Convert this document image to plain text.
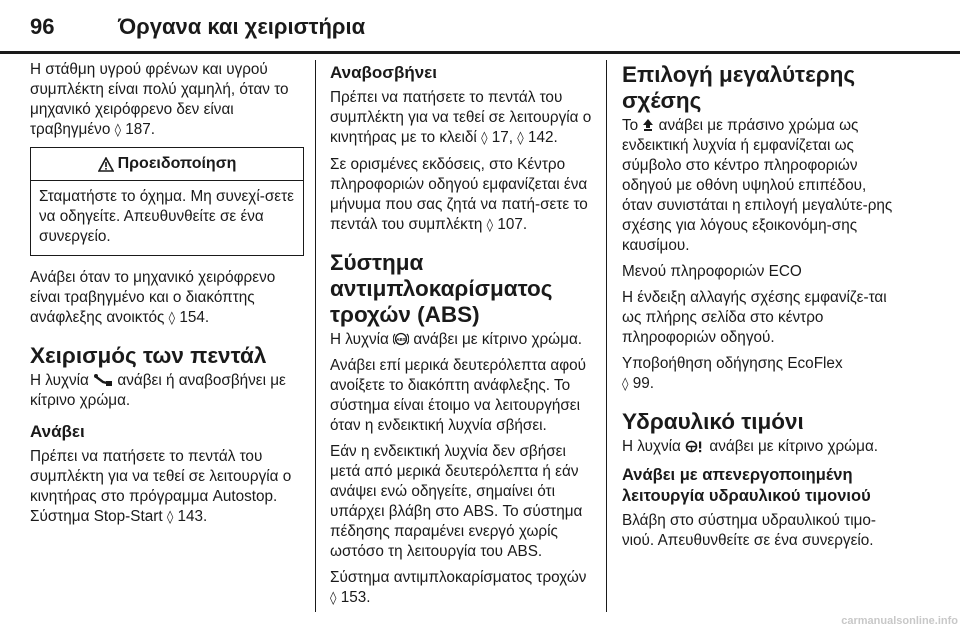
96	Όργανα και χειριστήρια

Η στάθμη υγρού φρένων και υγρού συμπλέκτη είναι πολύ χαμηλή, όταν το μηχανικό χειρόφρενο δεν είναι τραβηγμένο ◊ 187.

Προειδοποίηση
Σταματήστε το όχημα. Μη συνεχί-σετε να οδηγείτε. Απευθυνθείτε σε ένα συνεργείο.

Ανάβει όταν το μηχανικό χειρόφρενο είναι τραβηγμένο και ο διακόπτης ανάφλεξης ανοικτός ◊ 154.

Χειρισμός των πεντάλ

Η λυχνία ανάβει ή αναβοσβήνει με κίτρινο χρώμα.

Ανάβει

Πρέπει να πατήσετε το πεντάλ του συμπλέκτη για να τεθεί σε λειτουργία ο κινητήρας στο πρόγραμμα Autostop. Σύστημα Stop-Start ◊ 143.

Αναβοσβήνει

Πρέπει να πατήσετε το πεντάλ του συμπλέκτη για να τεθεί σε λειτουργία ο κινητήρας με το κλειδί ◊ 17, ◊ 142.

Σε ορισμένες εκδόσεις, στο Κέντρο πληροφοριών οδηγού εμφανίζεται ένα μήνυμα που σας ζητά να πατή-σετε το πεντάλ του συμπλέκτη ◊ 107.

Σύστημα αντιμπλοκαρίσματος τροχών (ABS)

Η λυχνία ABS ανάβει με κίτρινο χρώμα.

Ανάβει επί μερικά δευτερόλεπτα αφού ανοίξετε το διακόπτη ανάφλεξης. Το σύστημα είναι έτοιμο να λειτουργήσει όταν η ενδεικτική λυχνία σβήσει.

Εάν η ενδεικτική λυχνία δεν σβήσει μετά από μερικά δευτερόλεπτα ή εάν ανάψει ενώ οδηγείτε, σημαίνει ότι υπάρχει βλάβη στο ABS. Το σύστημα πέδησης παραμένει ενεργό χωρίς ωστόσο τη λειτουργία του ABS.

Σύστημα αντιμπλοκαρίσματος τροχών ◊ 153.

Επιλογή μεγαλύτερης σχέσης

Το ανάβει με πράσινο χρώμα ως ενδεικτική λυχνία ή εμφανίζεται ως σύμβολο στο κέντρο πληροφοριών οδηγού με οθόνη υψηλού επιπέδου, όταν συνιστάται η επιλογή μεγαλύτε-ρης σχέσης για λόγους εξοικονόμη-σης καυσίμου.

Μενού πληροφοριών ECO

Η ένδειξη αλλαγής σχέσης εμφανίζε-ται ως πλήρης σελίδα στο κέντρο πληροφοριών οδηγού.

Υποβοήθηση οδήγησης EcoFlex
◊ 99.

Υδραυλικό τιμόνι

Η λυχνία ανάβει με κίτρινο χρώμα.

Ανάβει με απενεργοποιημένη λειτουργία υδραυλικού τιμονιού

Βλάβη στο σύστημα υδραυλικού τιμο-νιού. Απευθυνθείτε σε ένα συνεργείο.

carmanualsonline.info
